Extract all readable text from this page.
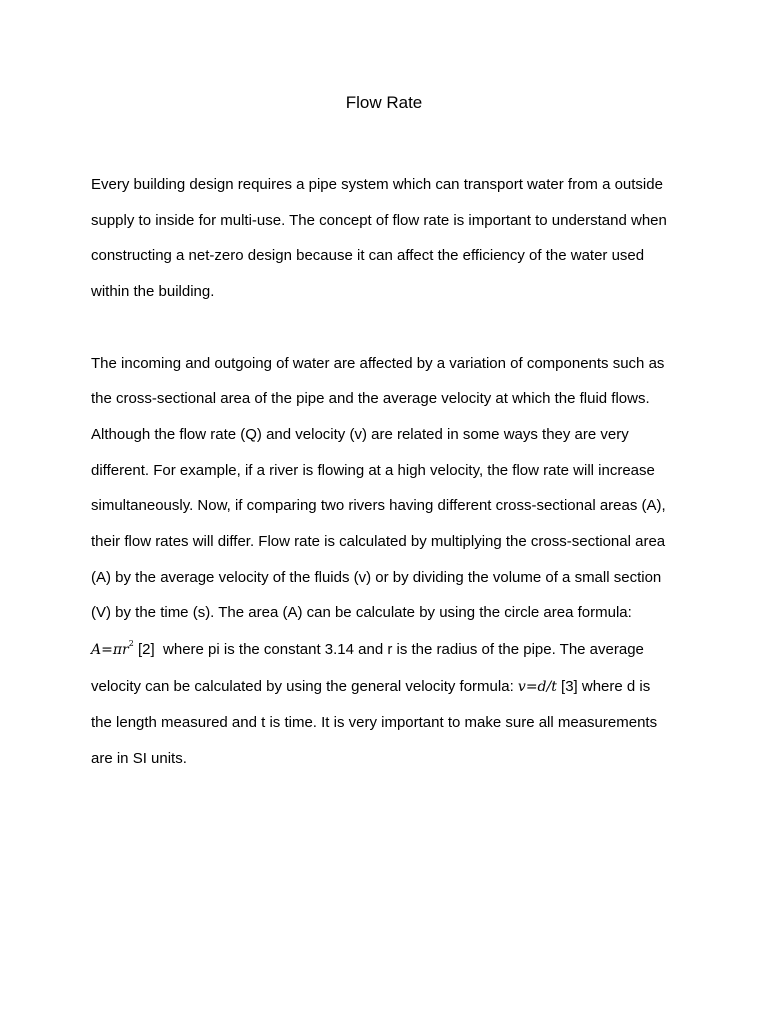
Flow Rate
Every building design requires a pipe system which can transport water from a outside
supply to inside for multi-use. The concept of flow rate is important to understand when
constructing a net-zero design because it can affect the efficiency of the water used
within the building.
The incoming and outgoing of water are affected by a variation of components such as
the cross-sectional area of the pipe and the average velocity at which the fluid flows.
Although the flow rate (Q) and velocity (v) are related in some ways they are very
different. For example, if a river is flowing at a high velocity, the flow rate will increase
simultaneously. Now, if comparing two rivers having different cross-sectional areas (A),
their flow rates will differ. Flow rate is calculated by multiplying the cross-sectional area
(A) by the average velocity of the fluids (v) or by dividing the volume of a small section
(V) by the time (s). The area (A) can be calculate by using the circle area formula:
$A=\pi r^2$ [2] where pi is the constant 3.14 and r is the radius of the pipe. The average
velocity can be calculated by using the general velocity formula: v=d/t [3] where d is
the length measured and t is time. It is very important to make sure all measurements
are in SI units.
